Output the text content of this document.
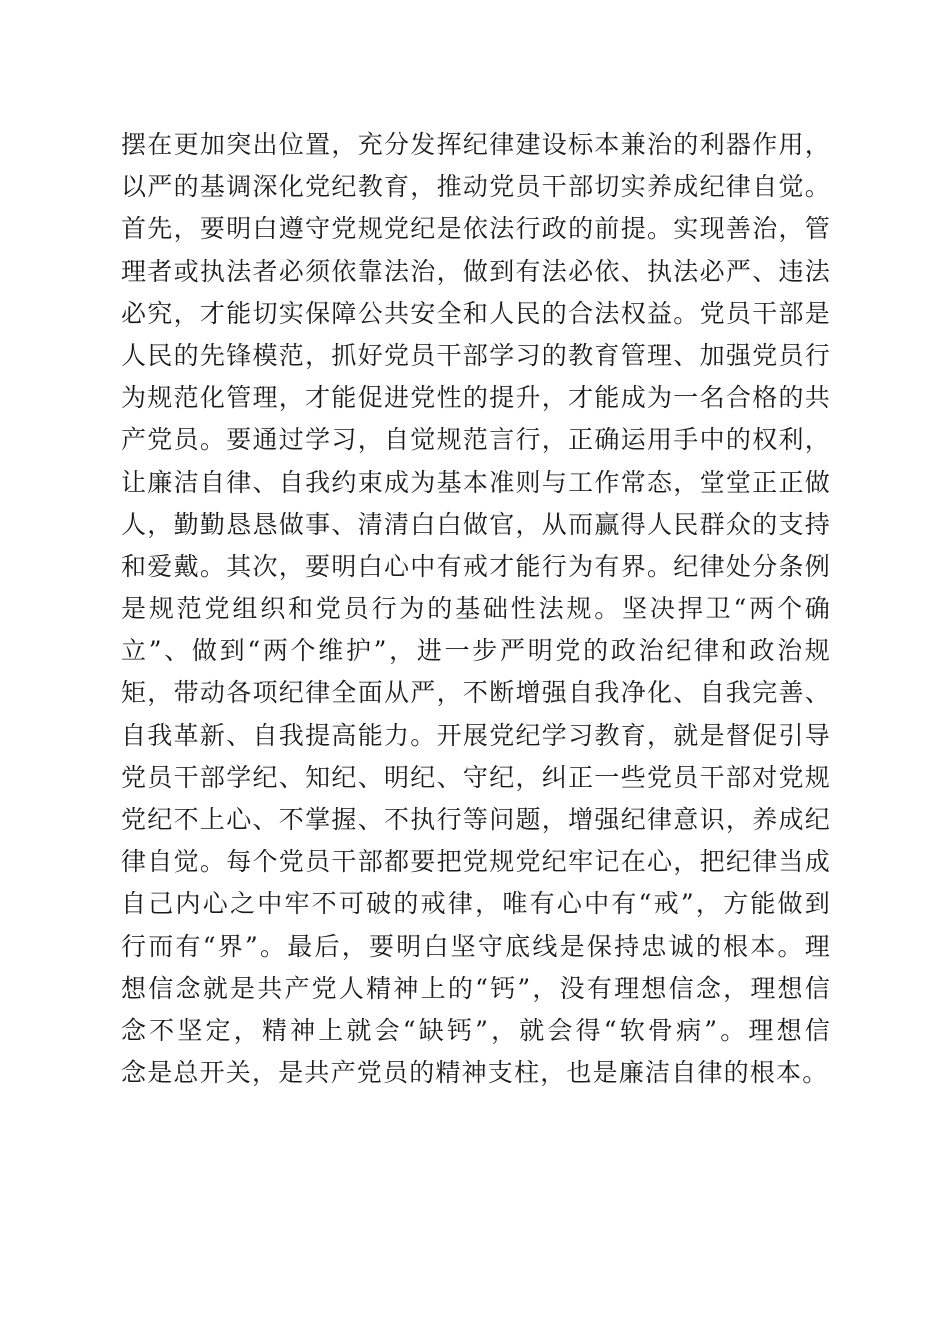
摆在更加突出位置，充分发挥纪律建设标本兼治的利器作用，
以严的基调深化党纪教育，推动党员干部切实养成纪律自觉。
首先，要明白遵守党规党纪是依法行政的前提。实现善治，管
理者或执法者必须依靠法治，做到有法必依、执法必严、违法
必究，才能切实保障公共安全和人民的合法权益。党员干部是
人民的先锋模范，抓好党员干部学习的教育管理、加强党员行
为规范化管理，才能促进党性的提升，才能成为一名合格的共
产党员。要通过学习，自觉规范言行，正确运用手中的权利，
让廉洁自律、自我约束成为基本准则与工作常态，堂堂正正做
人，勤勤恳恳做事、清清白白做官，从而赢得人民群众的支持
和爱戴。其次，要明白心中有戒才能行为有界。纪律处分条例
是规范党组织和党员行为的基础性法规。坚决捍卫“两个确
立”、做到“两个维护”，进一步严明党的政治纪律和政治规
矩，带动各项纪律全面从严，不断增强自我净化、自我完善、
自我革新、自我提高能力。开展党纪学习教育，就是督促引导
党员干部学纪、知纪、明纪、守纪，纠正一些党员干部对党规
党纪不上心、不掌握、不执行等问题，增强纪律意识，养成纪
律自觉。每个党员干部都要把党规党纪牢记在心，把纪律当成
自己内心之中牢不可破的戒律，唯有心中有“戒”，方能做到
行而有“界”。最后，要明白坚守底线是保持忠诚的根本。理
想信念就是共产党人精神上的“钙”，没有理想信念，理想信
念不坚定，精神上就会“缺钙”，就会得“软骨病”。理想信
念是总开关，是共产党员的精神支柱，也是廉洁自律的根本。
